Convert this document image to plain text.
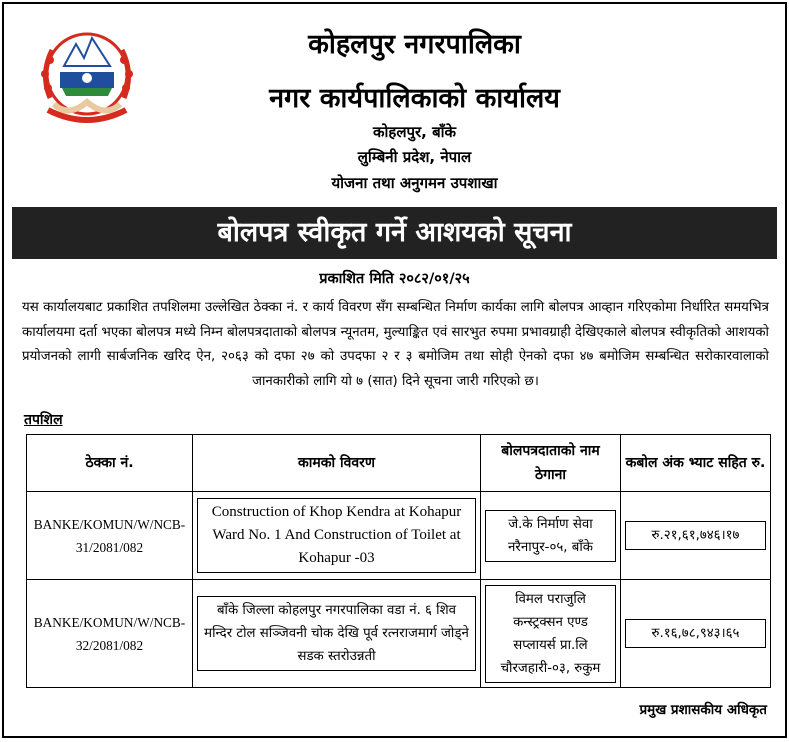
कोहलपुर नगरपालिका
नगर कार्यपालिकाको कार्यालय
कोहलपुर, बाँके
लुम्बिनी प्रदेश, नेपाल
योजना तथा अनुगमन उपशाखा
बोलपत्र स्वीकृत गर्ने आशयको सूचना
प्रकाशित मिति २०८२/०१/२५
यस कार्यालयबाट प्रकाशित तपशिलमा उल्लेखित ठेक्का नं. र कार्य विवरण सँग सम्बन्धित निर्माण कार्यका लागि बोलपत्र आव्हान गरिएकोमा निर्धारित समयभित्र कार्यालयमा दर्ता भएका बोलपत्र मध्ये निम्न बोलपत्रदाताको बोलपत्र न्यूनतम, मुल्याङ्कित एवं सारभुत रुपमा प्रभावग्राही देखिएकाले बोलपत्र स्वीकृतिको आशयको प्रयोजनको लागी सार्बजनिक खरिद ऐन, २०६३ को दफा २७ को उपदफा २ र ३ बमोजिम तथा सोही ऐनको दफा ४७ बमोजिम सम्बन्धित सरोकारवालाको जानकारीको लागि यो ७ (सात) दिने सूचना जारी गरिएको छ।
तपशिल
ठेक्का नं.	कामको विवरण	बोलपत्रदाताको नाम ठेगाना	कबोल अंक भ्याट सहित रु.
BANKE/KOMUN/W/NCB-31/2081/082	Construction of Khop Kendra at Kohapur Ward No. 1 And Construction of Toilet at Kohapur -03	जे.के निर्माण सेवा नरैनापुर-०५, बाँके	रु.२१,६१,७४६।१७

BANKE/KOMUN/W/NCB-32/2081/082	बाँके जिल्ला कोहलपुर नगरपालिका वडा नं. ६ शिव मन्दिर टोल सञ्जिवनी चोक देखि पूर्व रत्नराजमार्ग जोड्ने सडक स्तरोउन्नती	विमल पराजुलि कन्स्ट्रक्सन एण्ड सप्लायर्स प्रा.लि चौरजहारी-०३, रुकुम	रु.१६,७८,९४३।६५
प्रमुख प्रशासकीय अधिकृत
